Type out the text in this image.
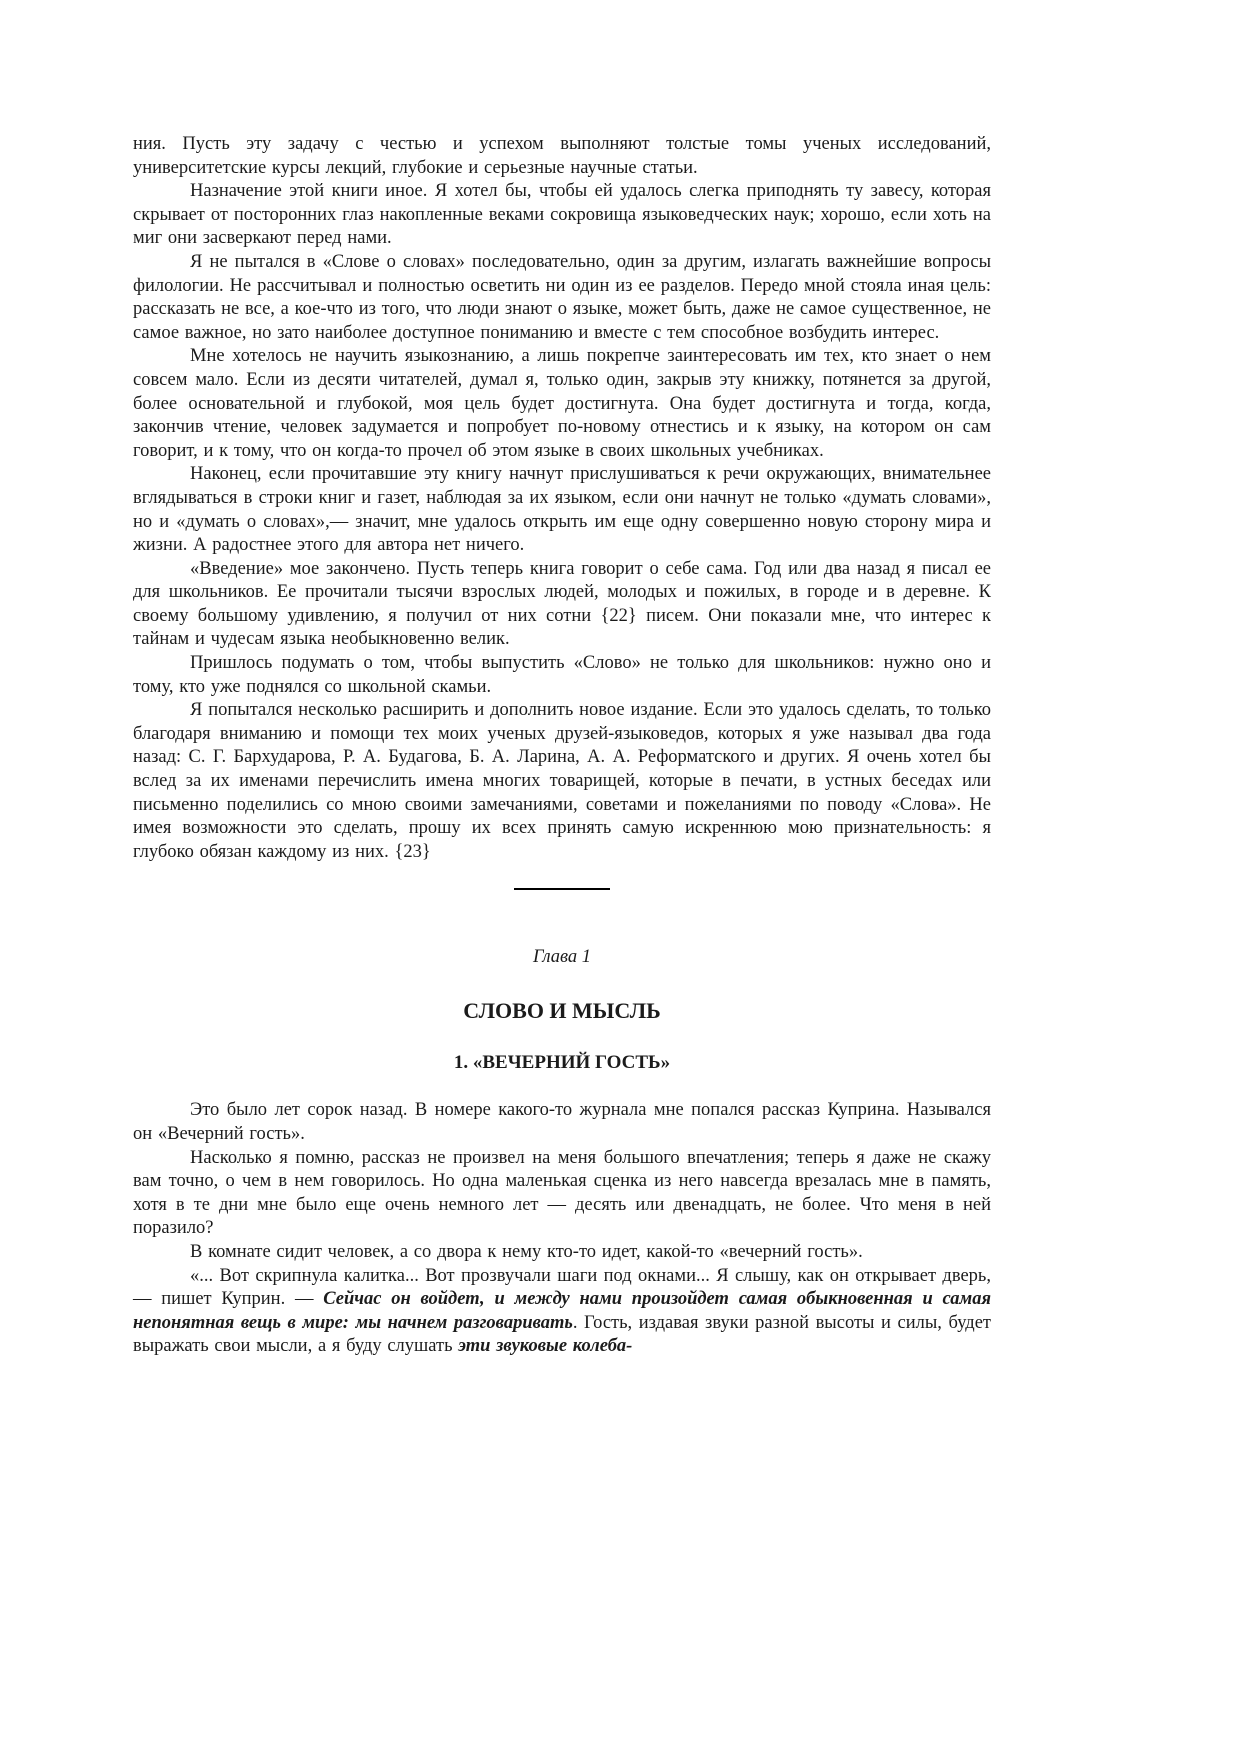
ния. Пусть эту задачу с честью и успехом выполняют толстые томы ученых исследований, университетские курсы лекций, глубокие и серьезные научные статьи.

Назначение этой книги иное. Я хотел бы, чтобы ей удалось слегка приподнять ту завесу, которая скрывает от посторонних глаз накопленные веками сокровища языковедческих наук; хорошо, если хоть на миг они засверкают перед нами.

Я не пытался в «Слове о словах» последовательно, один за другим, излагать важнейшие вопросы филологии. Не рассчитывал и полностью осветить ни один из ее разделов. Передо мной стояла иная цель: рассказать не все, а кое-что из того, что люди знают о языке, может быть, даже не самое существенное, не самое важное, но зато наиболее доступное пониманию и вместе с тем способное возбудить интерес.

Мне хотелось не научить языкознанию, а лишь покрепче заинтересовать им тех, кто знает о нем совсем мало. Если из десяти читателей, думал я, только один, закрыв эту книжку, потянется за другой, более основательной и глубокой, моя цель будет достигнута. Она будет достигнута и тогда, когда, закончив чтение, человек задумается и попробует по-новому отнестись и к языку, на котором он сам говорит, и к тому, что он когда-то прочел об этом языке в своих школьных учебниках.

Наконец, если прочитавшие эту книгу начнут прислушиваться к речи окружающих, внимательнее вглядываться в строки книг и газет, наблюдая за их языком, если они начнут не только «думать словами», но и «думать о словах»,— значит, мне удалось открыть им еще одну совершенно новую сторону мира и жизни. А радостнее этого для автора нет ничего.

«Введение» мое закончено. Пусть теперь книга говорит о себе сама. Год или два назад я писал ее для школьников. Ее прочитали тысячи взрослых людей, молодых и пожилых, в городе и в деревне. К своему большому удивлению, я получил от них сотни {22} писем. Они показали мне, что интерес к тайнам и чудесам языка необыкновенно велик.

Пришлось подумать о том, чтобы выпустить «Слово» не только для школьников: нужно оно и тому, кто уже поднялся со школьной скамьи.

Я попытался несколько расширить и дополнить новое издание. Если это удалось сделать, то только благодаря вниманию и помощи тех моих ученых друзей-языковедов, которых я уже называл два года назад: С. Г. Бархударова, Р. А. Будагова, Б. А. Ларина, А. А. Реформатского и других. Я очень хотел бы вслед за их именами перечислить имена многих товарищей, которые в печати, в устных беседах или письменно поделились со мною своими замечаниями, советами и пожеланиями по поводу «Слова». Не имея возможности это сделать, прошу их всех принять самую искреннюю мою признательность: я глубоко обязан каждому из них. {23}

Глава 1
СЛОВО И МЫСЛЬ
1. «ВЕЧЕРНИЙ ГОСТЬ»

Это было лет сорок назад. В номере какого-то журнала мне попался рассказ Куприна. Назывался он «Вечерний гость».

Насколько я помню, рассказ не произвел на меня большого впечатления; теперь я даже не скажу вам точно, о чем в нем говорилось. Но одна маленькая сценка из него навсегда врезалась мне в память, хотя в те дни мне было еще очень немного лет — десять или двенадцать, не более. Что меня в ней поразило?

В комнате сидит человек, а со двора к нему кто-то идет, какой-то «вечерний гость».

«... Вот скрипнула калитка... Вот прозвучали шаги под окнами... Я слышу, как он открывает дверь, — пишет Куприн. — Сейчас он войдет, и между нами произойдет самая обыкновенная и самая непонятная вещь в мире: мы начнем разговаривать. Гость, издавая звуки разной высоты и силы, будет выражать свои мысли, а я буду слушать эти звуковые колеба-
